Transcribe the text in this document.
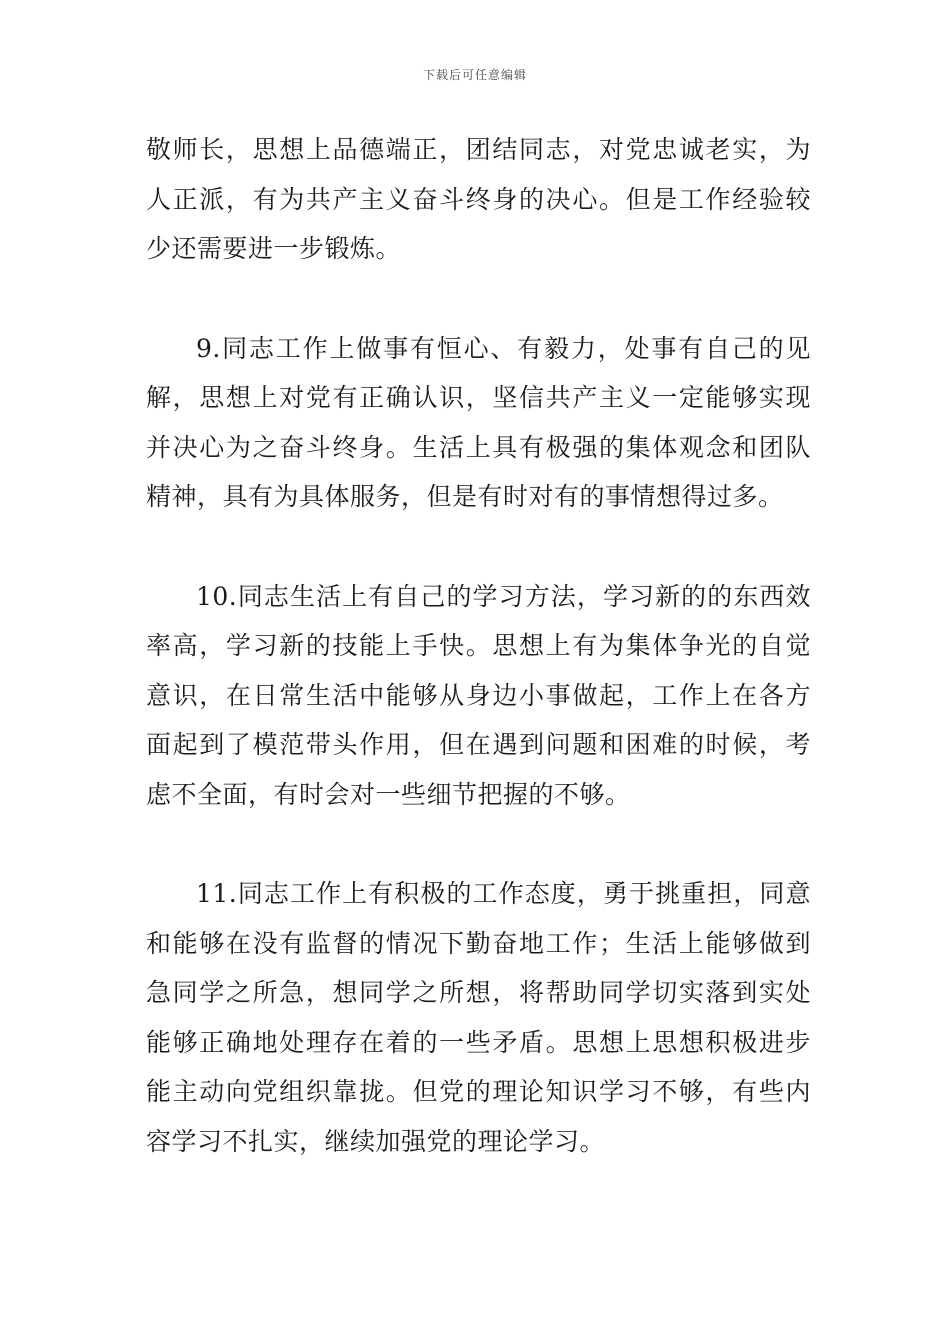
下载后可任意编辑
敬师长，思想上品德端正，团结同志，对党忠诚老实，为
人正派，有为共产主义奋斗终身的决心。但是工作经验较
少还需要进一步锻炼。
9.同志工作上做事有恒心、有毅力，处事有自己的见
解，思想上对党有正确认识，坚信共产主义一定能够实现
并决心为之奋斗终身。生活上具有极强的集体观念和团队
精神，具有为具体服务，但是有时对有的事情想得过多。
10.同志生活上有自己的学习方法，学习新的的东西效
率高，学习新的技能上手快。思想上有为集体争光的自觉
意识，在日常生活中能够从身边小事做起，工作上在各方
面起到了模范带头作用，但在遇到问题和困难的时候，考
虑不全面，有时会对一些细节把握的不够。
11.同志工作上有积极的工作态度，勇于挑重担，同意
和能够在没有监督的情况下勤奋地工作；生活上能够做到
急同学之所急，想同学之所想，将帮助同学切实落到实处
能够正确地处理存在着的一些矛盾。思想上思想积极进步
能主动向党组织靠拢。但党的理论知识学习不够，有些内
容学习不扎实，继续加强党的理论学习。
